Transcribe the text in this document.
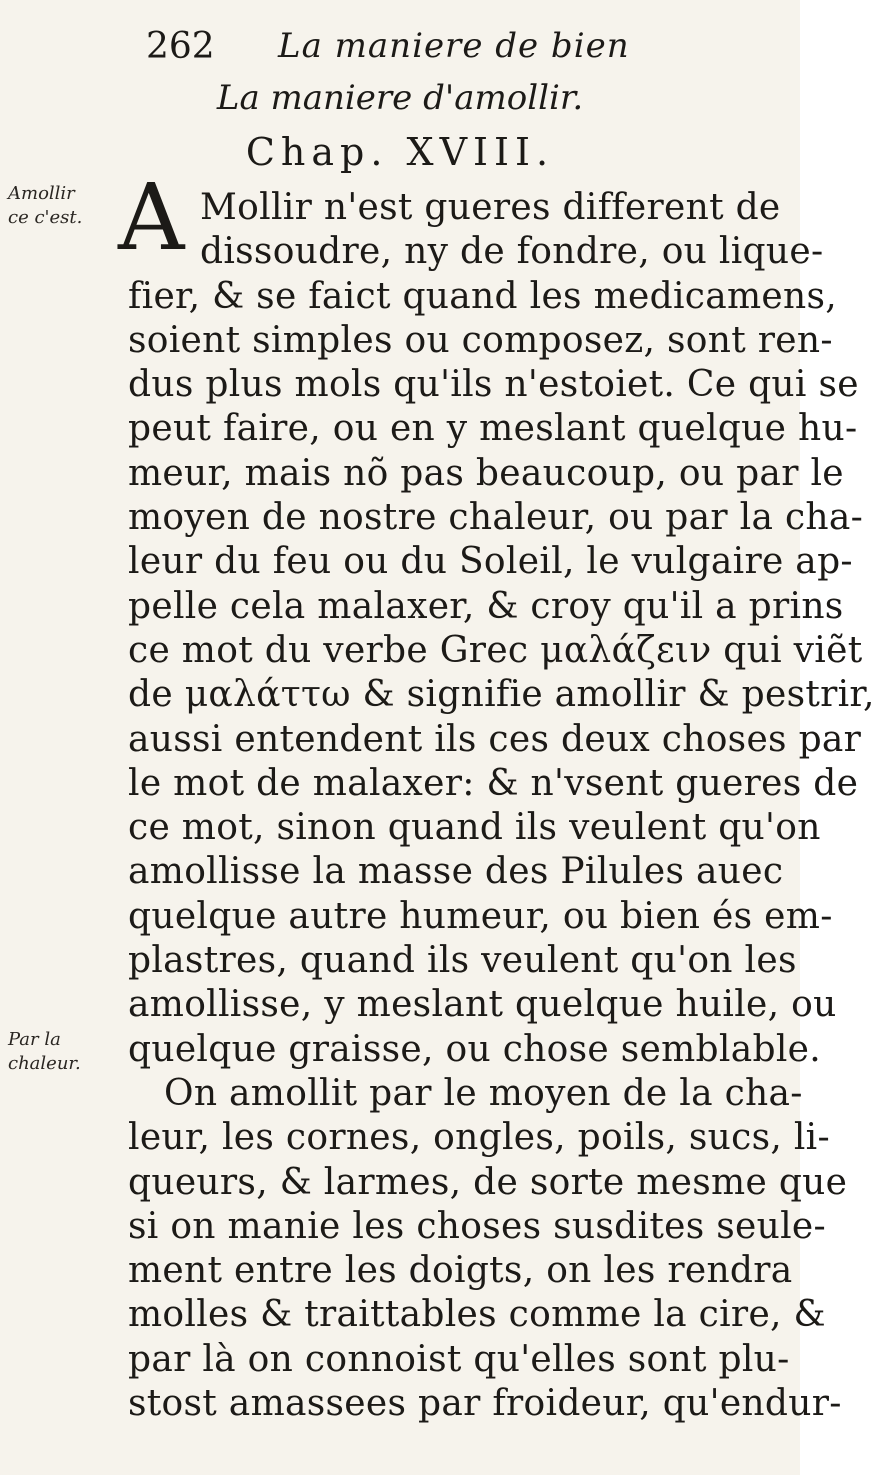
262 La maniere de bien
La maniere d'amollir.
Chap. XVIII.
Amollir
ce c'est.
Par la
chaleur.
A Mollir n'est gueres different de
dissoudre, ny de fondre, ou lique-
fier, & se faict quand les medicamens,
soient simples ou composez, sont ren-
dus plus mols qu'ils n'estoiet. Ce qui se
peut faire, ou en y meslant quelque hu-
meur, mais nõ pas beaucoup, ou par le
moyen de nostre chaleur, ou par la cha-
leur du feu ou du Soleil, le vulgaire ap-
pelle cela malaxer, & croy qu'il a prins
ce mot du verbe Grec μαλάζειν qui viẽt
de μαλάττω & signifie amollir & pestrir,
aussi entendent ils ces deux choses par
le mot de malaxer: & n'vsent gueres de
ce mot, sinon quand ils veulent qu'on
amollisse la masse des Pilules auec
quelque autre humeur, ou bien és em-
plastres, quand ils veulent qu'on les
amollisse, y meslant quelque huile, ou
quelque graisse, ou chose semblable.
On amollit par le moyen de la cha-
leur, les cornes, ongles, poils, sucs, li-
queurs, & larmes, de sorte mesme que
si on manie les choses susdites seule-
ment entre les doigts, on les rendra
molles & traittables comme la cire, &
par là on connoist qu'elles sont plu-
stost amassees par froideur, qu'endur-
